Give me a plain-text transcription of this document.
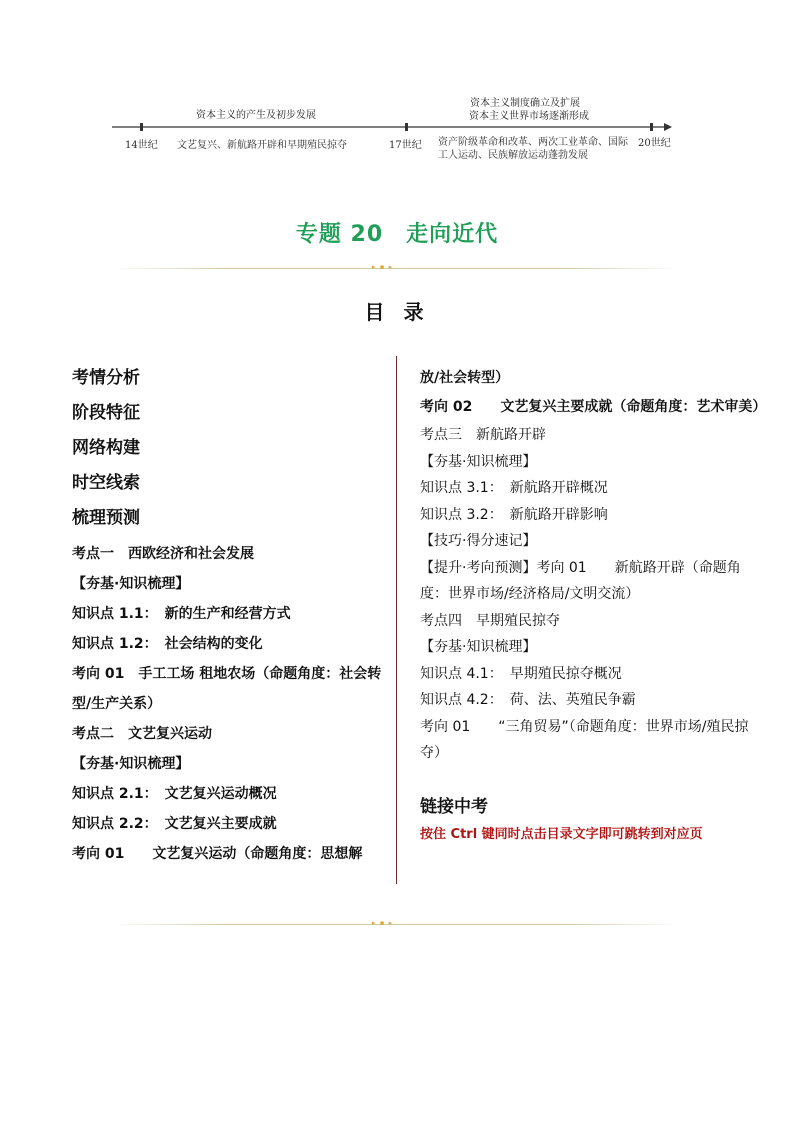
资本主义的产生及初步发展
资本主义制度确立及扩展
资本主义世界市场逐渐形成
14世纪 文艺复兴、新航路开辟和早期殖民掠夺	17世纪 资产阶级革命和改革、两次工业革命、国际工人运动、民族解放运动蓬勃发展
20世纪
专题 20　走向近代
▸ ▪ ▸
目 录
考情分析
阶段特征
网络构建
时空线索
梳理预测
考点一　西欧经济和社会发展
【夯基·知识梳理】
知识点 1.1：　新的生产和经营方式
知识点 1.2：　社会结构的变化
考向 01　手工工场 租地农场（命题角度：社会转型/生产关系）
考点二　文艺复兴运动
【夯基·知识梳理】
知识点 2.1：　文艺复兴运动概况
知识点 2.2：　文艺复兴主要成就
考向 01　　文艺复兴运动（命题角度：思想解
放/社会转型）
考向 02　　文艺复兴主要成就（命题角度：艺术审美）
考点三　新航路开辟
【夯基·知识梳理】
知识点 3.1：　新航路开辟概况
知识点 3.2：　新航路开辟影响
【技巧·得分速记】
【提升·考向预测】考向 01　　新航路开辟（命题角度：世界市场/经济格局/文明交流）
考点四　早期殖民掠夺
【夯基·知识梳理】
知识点 4.1：　早期殖民掠夺概况
知识点 4.2：　荷、法、英殖民争霸
考向 01　　“三角贸易”（命题角度：世界市场/殖民掠夺）
链接中考
按住 Ctrl 键同时点击目录文字即可跳转到对应页
▸ ▪ ▸
